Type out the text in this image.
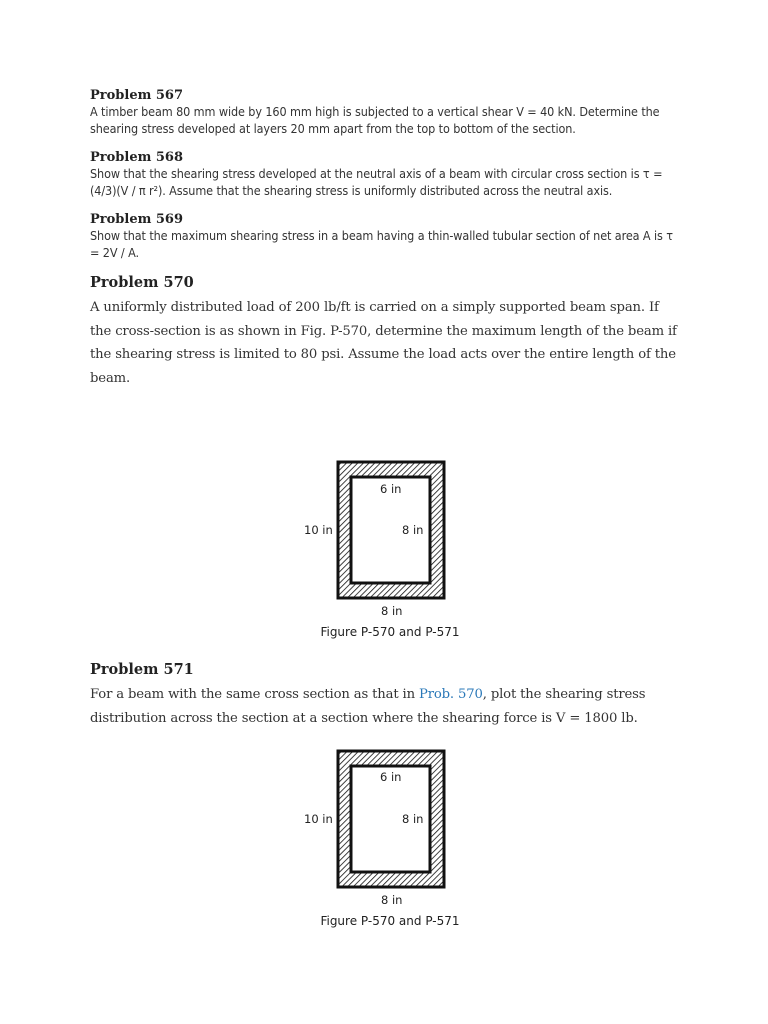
Problem 567

A timber beam 80 mm wide by 160 mm high is subjected to a vertical shear V = 40 kN. Determine the shearing stress developed at layers 20 mm apart from the top to bottom of the section.

Problem 568

Show that the shearing stress developed at the neutral axis of a beam with circular cross section is τ = (4/3)(V / π r²). Assume that the shearing stress is uniformly distributed across the neutral axis.

Problem 569

Show that the maximum shearing stress in a beam having a thin-walled tubular section of net area A is τ = 2V / A.

Problem 570

A uniformly distributed load of 200 lb/ft is carried on a simply supported beam span. If the cross-section is as shown in Fig. P-570, determine the maximum length of the beam if the shearing stress is limited to 80 psi. Assume the load acts over the entire length of the beam.

10 in
6 in
8 in
8 in
Figure P-570 and P-571

Problem 571

For a beam with the same cross section as that in Prob. 570, plot the shearing stress distribution across the section at a section where the shearing force is V = 1800 lb.

10 in
6 in
8 in
8 in
Figure P-570 and P-571
